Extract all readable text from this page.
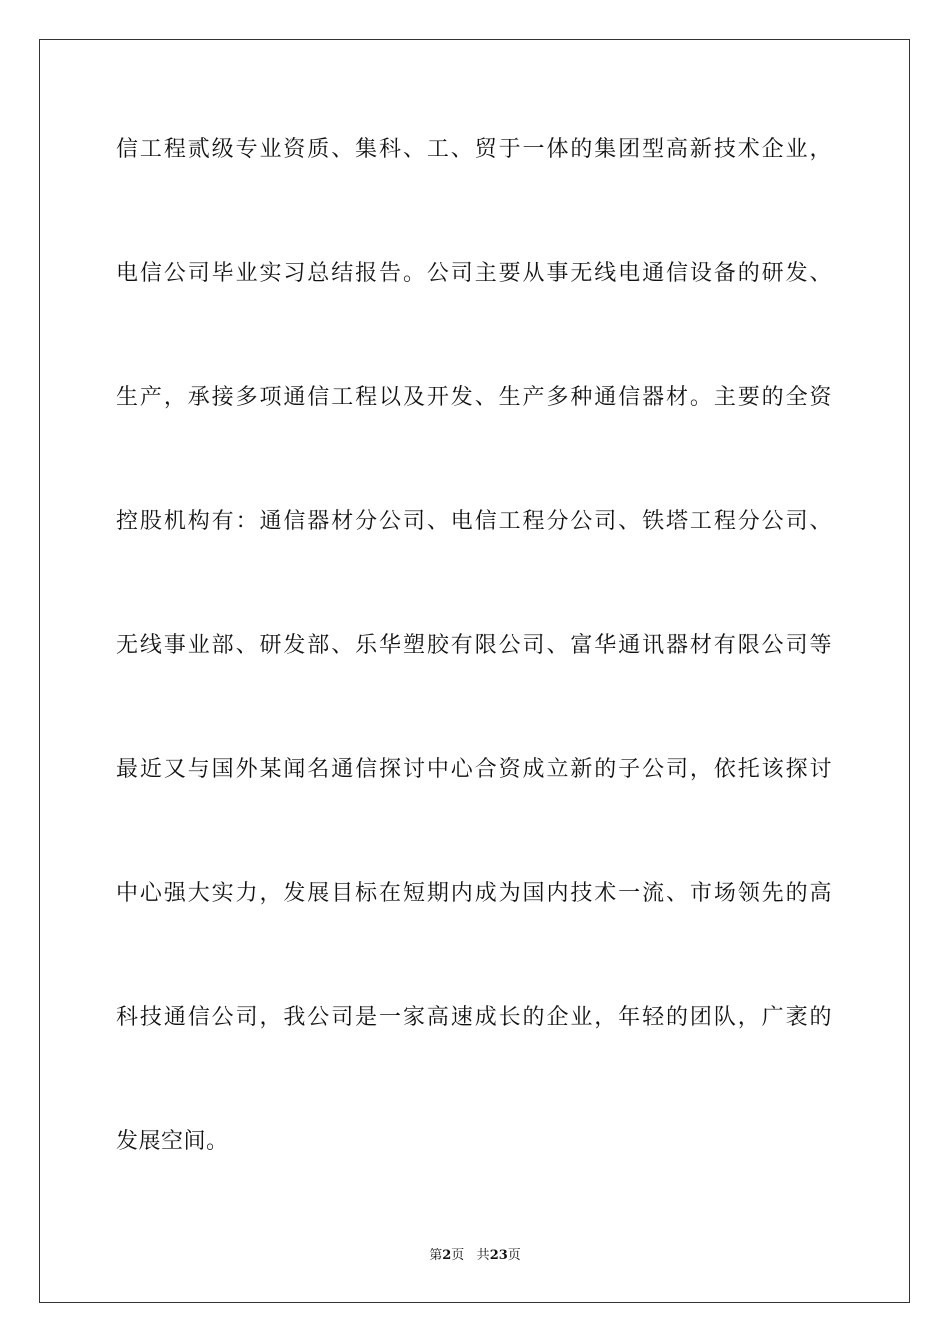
信工程贰级专业资质、集科、工、贸于一体的集团型高新技术企业，
电信公司毕业实习总结报告。公司主要从事无线电通信设备的研发、
生产，承接多项通信工程以及开发、生产多种通信器材。主要的全资
控股机构有：通信器材分公司、电信工程分公司、铁塔工程分公司、
无线事业部、研发部、乐华塑胶有限公司、富华通讯器材有限公司等
最近又与国外某闻名通信探讨中心合资成立新的子公司，依托该探讨
中心强大实力，发展目标在短期内成为国内技术一流、市场领先的高
科技通信公司，我公司是一家高速成长的企业，年轻的团队，广袤的
发展空间。
第2页 共23页
